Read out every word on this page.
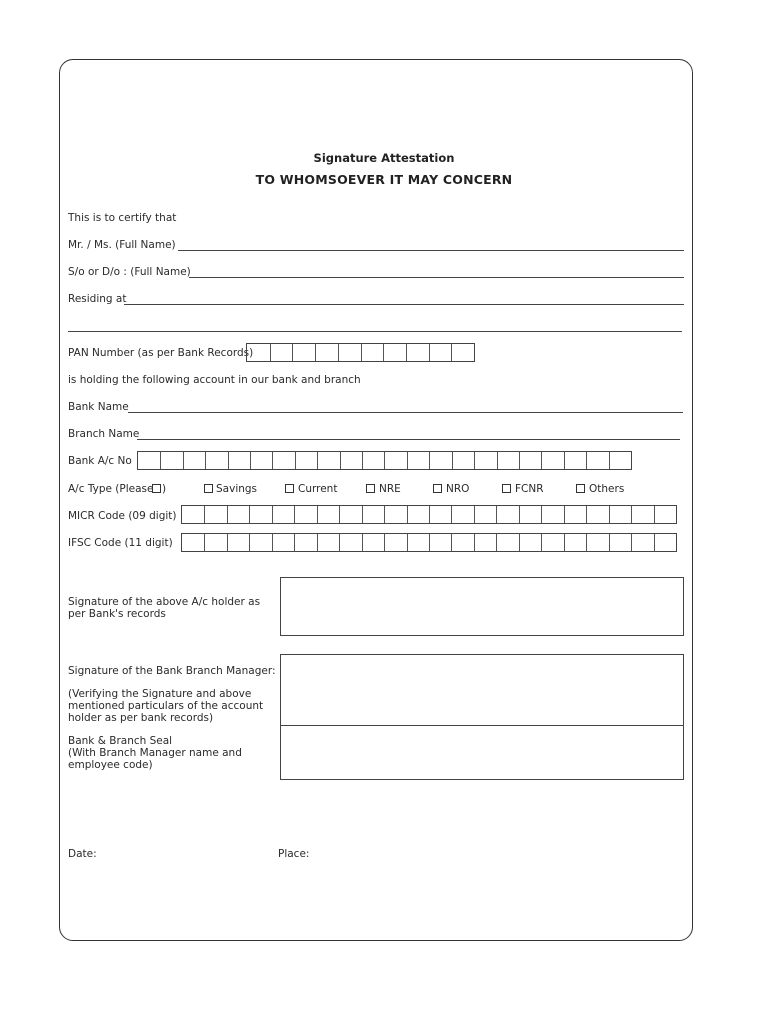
Signature Attestation
TO WHOMSOEVER IT MAY CONCERN
This is to certify that
Mr. / Ms. (Full Name)
S/o or D/o : (Full Name)
Residing at
PAN Number (as per Bank Records)
is holding the following account in our bank and branch
Bank Name
Branch Name
Bank A/c No
A/c Type (Please )	Savings	Current	NRE	NRO	FCNR	Others
MICR Code (09 digit)
IFSC Code (11 digit)
Signature of the above A/c holder as
per Bank's records
Signature of the Bank Branch Manager:
(Verifying the Signature and above
mentioned particulars of the account
holder as per bank records)
Bank & Branch Seal
(With Branch Manager name and
employee code)
Date:	Place:
